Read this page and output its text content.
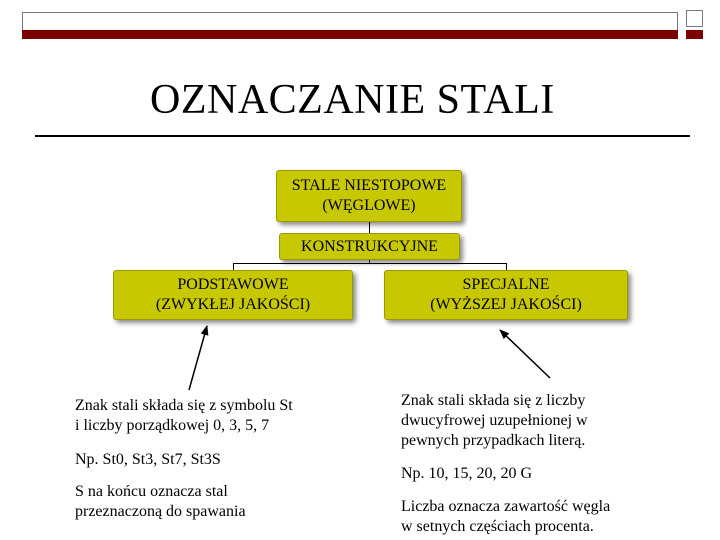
OZNACZANIE STALI
STALE NIESTOPOWE
(WĘGLOWE)
KONSTRUKCYJNE
PODSTAWOWE
(ZWYKŁEJ JAKOŚCI)
SPECJALNE
(WYŻSZEJ JAKOŚCI)
Znak stali składa się z symbolu St
i liczby porządkowej 0, 3, 5, 7
Np. St0, St3, St7, St3S
S na końcu oznacza stal
przeznaczoną do spawania
Znak stali składa się z liczby
dwucyfrowej uzupełnionej w
pewnych przypadkach literą.
Np. 10, 15, 20, 20 G
Liczba oznacza zawartość węgla
w setnych częściach procenta.
